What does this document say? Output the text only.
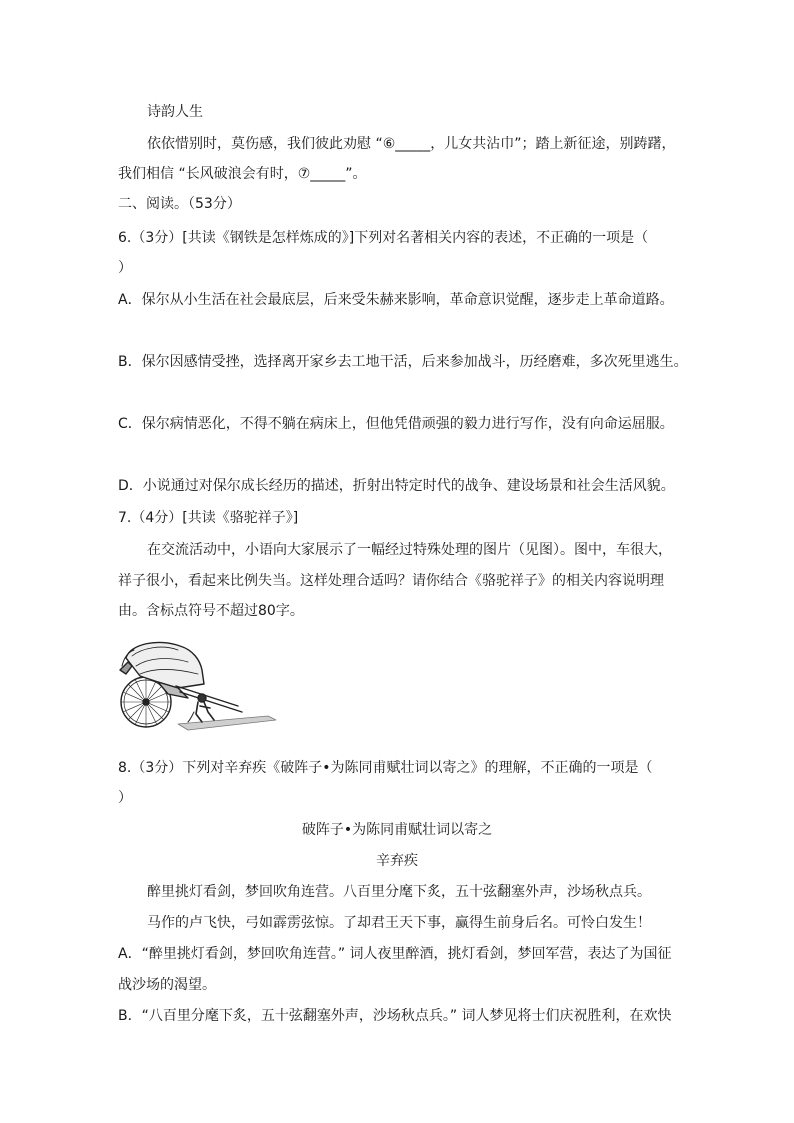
诗韵人生
依依惜别时，莫伤感，我们彼此劝慰 “⑥_____，儿女共沾巾”；踏上新征途，别踌躇，
我们相信 “长风破浪会有时，⑦_____”。
二、阅读。（53分）
6.（3分）[共读《钢铁是怎样炼成的》]下列对名著相关内容的表述，不正确的一项是（
）
A．保尔从小生活在社会最底层，后来受朱赫来影响，革命意识觉醒，逐步走上革命道路。
B．保尔因感情受挫，选择离开家乡去工地干活，后来参加战斗，历经磨难，多次死里逃生。
C．保尔病情恶化，不得不躺在病床上，但他凭借顽强的毅力进行写作，没有向命运屈服。
D．小说通过对保尔成长经历的描述，折射出特定时代的战争、建设场景和社会生活风貌。
7.（4分）[共读《骆驼祥子》]
在交流活动中，小语向大家展示了一幅经过特殊处理的图片（见图）。图中，车很大，
祥子很小，看起来比例失当。这样处理合适吗？请你结合《骆驼祥子》的相关内容说明理
由。含标点符号不超过80字。
8.（3分）下列对辛弃疾《破阵子•为陈同甫赋壮词以寄之》的理解，不正确的一项是（
）
破阵子•为陈同甫赋壮词以寄之
辛弃疾
醉里挑灯看剑，梦回吹角连营。八百里分麾下炙，五十弦翻塞外声，沙场秋点兵。
马作的卢飞快，弓如霹雳弦惊。了却君王天下事，赢得生前身后名。可怜白发生！
A．“醉里挑灯看剑，梦回吹角连营。” 词人夜里醉酒，挑灯看剑，梦回军营，表达了为国征
战沙场的渴望。
B．“八百里分麾下炙，五十弦翻塞外声，沙场秋点兵。” 词人梦见将士们庆祝胜利，在欢快
